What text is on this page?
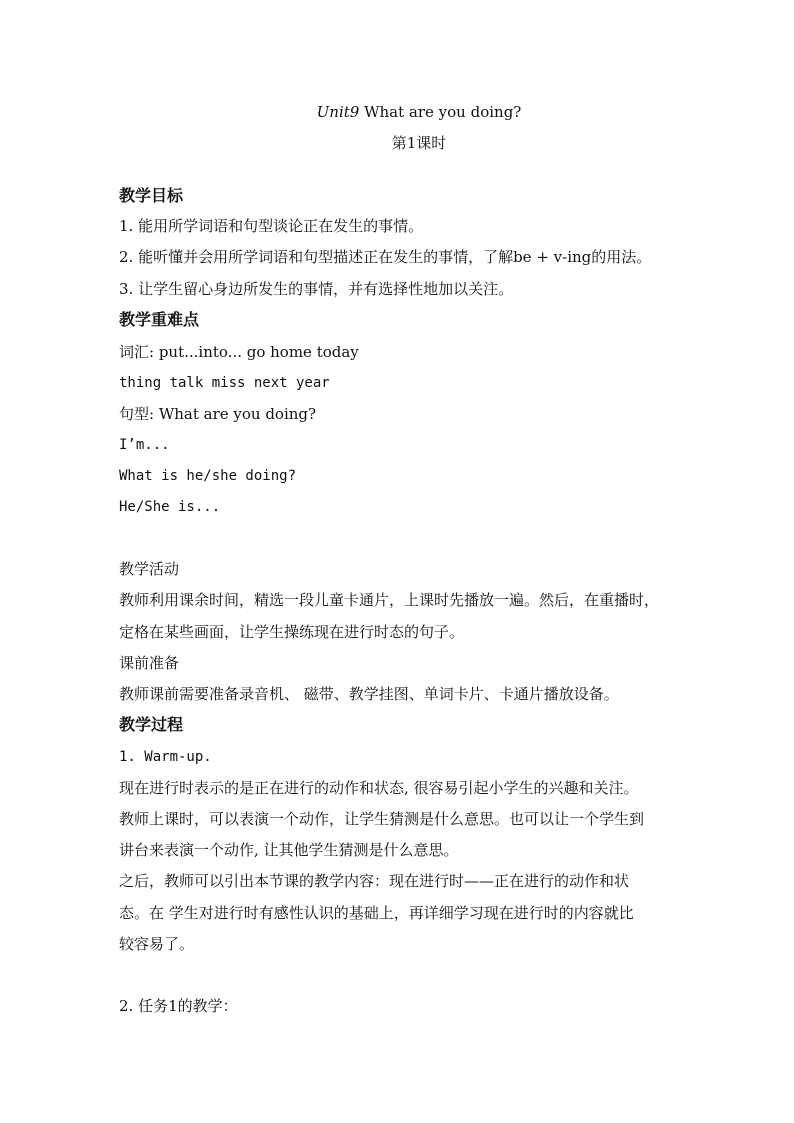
Unit9 What are you doing?
第1课时
教学目标
1. 能用所学词语和句型谈论正在发生的事情。
2. 能听懂并会用所学词语和句型描述正在发生的事情，了解be + v-ing的用法。
3. 让学生留心身边所发生的事情，并有选择性地加以关注。
教学重难点
词汇: put...into... go home today
thing talk miss next year
句型: What are you doing?
I’m...
What is he/she doing?
He/She is...
教学活动
教师利用课余时间，精选一段儿童卡通片，上课时先播放一遍。然后，在重播时，
定格在某些画面，让学生操练现在进行时态的句子。
课前准备
教师课前需要准备录音机、 磁带、教学挂图、单词卡片、卡通片播放设备。
教学过程
1. Warm-up.
现在进行时表示的是正在进行的动作和状态, 很容易引起小学生的兴趣和关注。
教师上课时，可以表演一个动作，让学生猜测是什么意思。也可以让一个学生到
讲台来表演一个动作, 让其他学生猜测是什么意思。
之后，教师可以引出本节课的教学内容：现在进行时——正在进行的动作和状
态。在 学生对进行时有感性认识的基础上，再详细学习现在进行时的内容就比
较容易了。
2. 任务1的教学：
